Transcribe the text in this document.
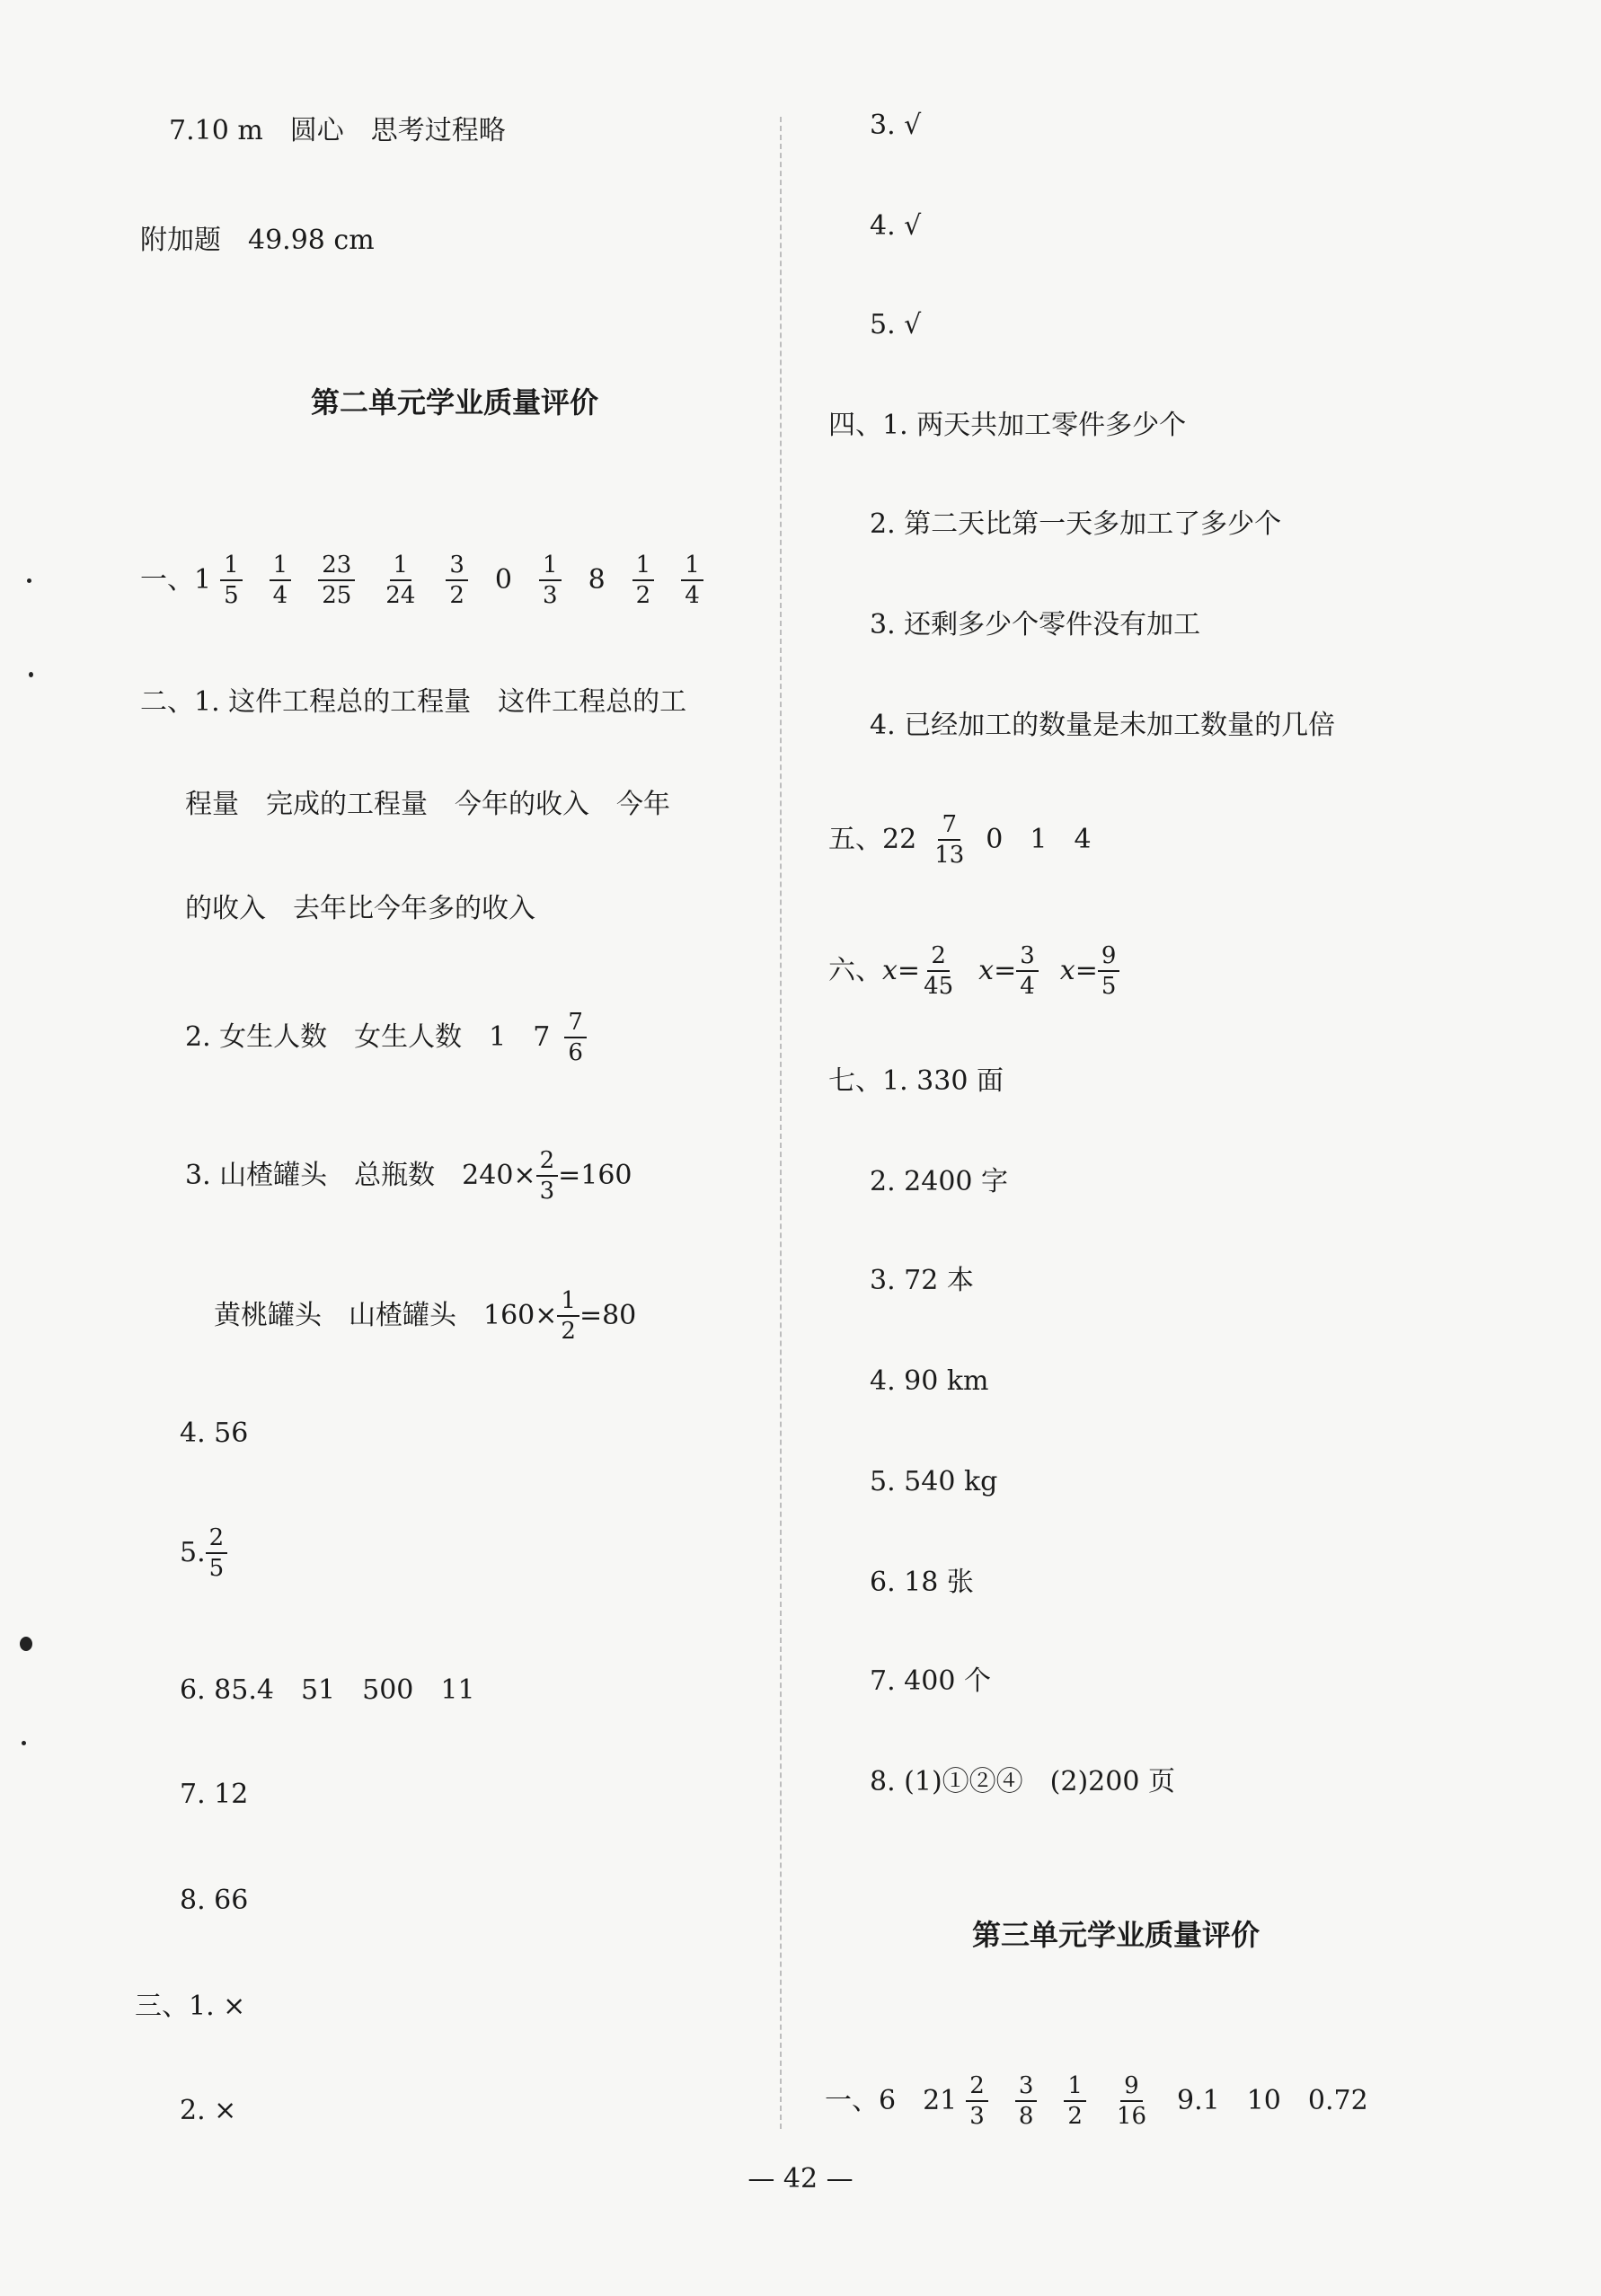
7.10 m　圆心　思考过程略
附加题　49.98 cm
第二单元学业质量评价
一、$1 \frac{1}{5} \frac{1}{4} \frac{23}{25} \frac{1}{24} \frac{3}{2} 0 \frac{1}{3} 8 \frac{1}{2} \frac{1}{4}$
二、1. 这件工程总的工程量　这件工程总的工
程量　完成的工程量　今年的收入　今年
的收入　去年比今年多的收入
2. 女生人数　女生人数　1　$7 \frac{7}{6}$
3. 山楂罐头　总瓶数　$240\times \frac{2}{3} =160$
黄桃罐头　山楂罐头　$160\times \frac{1}{2} =80$
4. 56
5. $\frac{2}{5}$
6. 85.4　51　500　11
7. 12
8. 66
三、1. ×
2. ×
3. √
4. √
5. √
四、1. 两天共加工零件多少个
2. 第二天比第一天多加工了多少个
3. 还剩多少个零件没有加工
4. 已经加工的数量是未加工数量的几倍
五、$22 \frac{7}{13} 0$　1　4
六、 $x = \frac{2}{45}$ $x = \frac{3}{4}$ $x = \frac{9}{5}$
七、1. 330 面
2. 2400 字
3. 72 本
4. 90 km
5. 540 kg
6. 18 张
7. 400 个
8. (1)①②④　(2)200 页
第三单元学业质量评价
一、6　$21 \frac{2}{3} \frac{3}{8} \frac{1}{2} \frac{9}{16} 9.1$ 10 0.72
— 42 —
